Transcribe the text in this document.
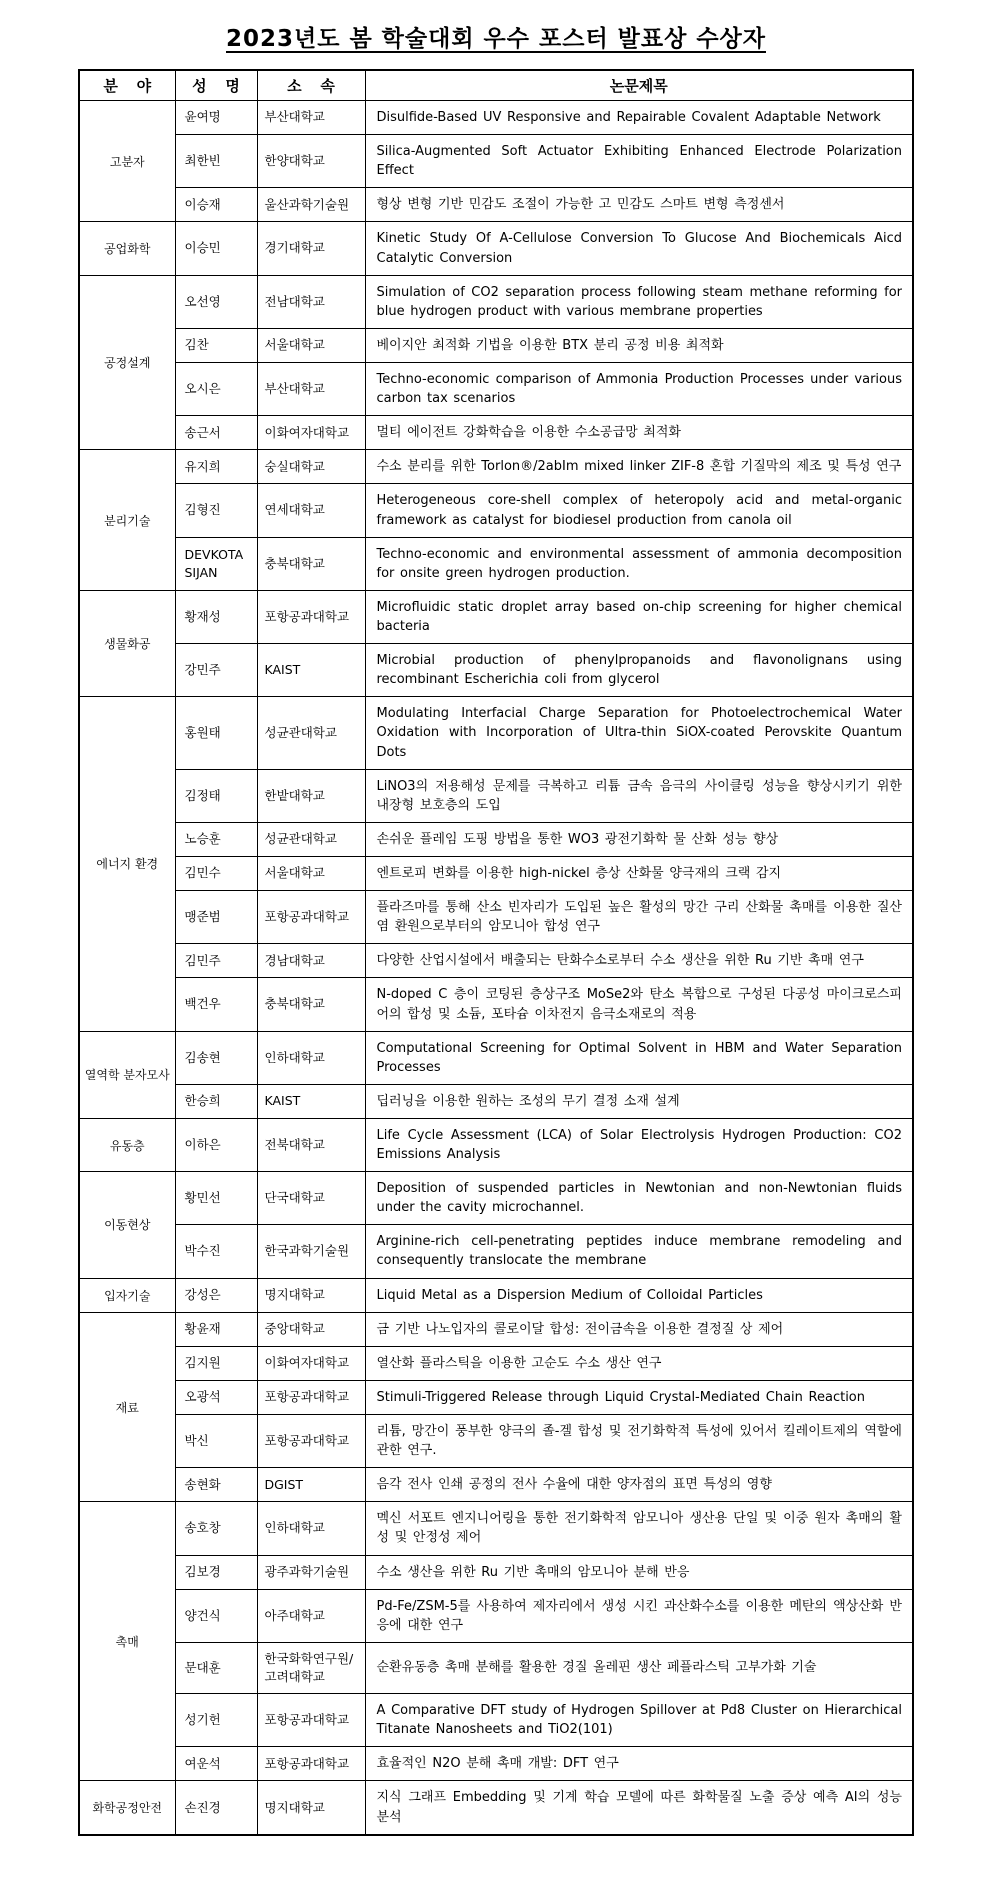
2023년도 봄 학술대회 우수 포스터 발표상 수상자
분 야	성 명	소 속	논문제목
고분자	윤여명	부산대학교	Disulfide-Based UV Responsive and Repairable Covalent Adaptable Network
	최한빈	한양대학교	Silica-Augmented Soft Actuator Exhibiting Enhanced Electrode Polarization Effect
	이승재	울산과학기술원	형상 변형 기반 민감도 조절이 가능한 고 민감도 스마트 변형 측정센서
공업화학	이승민	경기대학교	Kinetic Study Of A-Cellulose Conversion To Glucose And Biochemicals Aicd Catalytic Conversion
공정설계	오선영	전남대학교	Simulation of CO2 separation process following steam methane reforming for blue hydrogen product with various membrane properties
	김찬	서울대학교	베이지안 최적화 기법을 이용한 BTX 분리 공정 비용 최적화
	오시은	부산대학교	Techno-economic comparison of Ammonia Production Processes under various carbon tax scenarios
	송근서	이화여자대학교	멀티 에이전트 강화학습을 이용한 수소공급망 최적화
분리기술	유지희	숭실대학교	수소 분리를 위한 Torlon®/2abIm mixed linker ZIF-8 혼합 기질막의 제조 및 특성 연구
	김형진	연세대학교	Heterogeneous core-shell complex of heteropoly acid and metal-organic framework as catalyst for biodiesel production from canola oil
	DEVKOTA SIJAN	충북대학교	Techno-economic and environmental assessment of ammonia decomposition for onsite green hydrogen production.
생물화공	황재성	포항공과대학교	Microfluidic static droplet array based on-chip screening for higher chemical bacteria
	강민주	KAIST	Microbial production of phenylpropanoids and flavonolignans using recombinant Escherichia coli from glycerol
에너지 환경	홍원태	성균관대학교	Modulating Interfacial Charge Separation for Photoelectrochemical Water Oxidation with Incorporation of Ultra-thin SiOX-coated Perovskite Quantum Dots
	김정태	한밭대학교	LiNO3의 저용해성 문제를 극복하고 리튬 금속 음극의 사이클링 성능을 향상시키기 위한 내장형 보호층의 도입
	노승훈	성균관대학교	손쉬운 플레임 도핑 방법을 통한 WO3 광전기화학 물 산화 성능 향상
	김민수	서울대학교	엔트로피 변화를 이용한 high-nickel 층상 산화물 양극재의 크랙 감지
	맹준범	포항공과대학교	플라즈마를 통해 산소 빈자리가 도입된 높은 활성의 망간 구리 산화물 촉매를 이용한 질산염 환원으로부터의 암모니아 합성 연구
	김민주	경남대학교	다양한 산업시설에서 배출되는 탄화수소로부터 수소 생산을 위한 Ru 기반 촉매 연구
	백건우	충북대학교	N-doped C 층이 코팅된 층상구조 MoSe2와 탄소 복합으로 구성된 다공성 마이크로스피어의 합성 및 소듐, 포타슘 이차전지 음극소재로의 적용
열역학 분자모사	김송현	인하대학교	Computational Screening for Optimal Solvent in HBM and Water Separation Processes
	한승희	KAIST	딥러닝을 이용한 원하는 조성의 무기 결정 소재 설계
유동층	이하은	전북대학교	Life Cycle Assessment (LCA) of Solar Electrolysis Hydrogen Production: CO2 Emissions Analysis
이동현상	황민선	단국대학교	Deposition of suspended particles in Newtonian and non-Newtonian fluids under the cavity microchannel.
	박수진	한국과학기술원	Arginine-rich cell-penetrating peptides induce membrane remodeling and consequently translocate the membrane
입자기술	강성은	명지대학교	Liquid Metal as a Dispersion Medium of Colloidal Particles
재료	황윤재	중앙대학교	금 기반 나노입자의 콜로이달 합성: 전이금속을 이용한 결정질 상 제어
	김지원	이화여자대학교	열산화 플라스틱을 이용한 고순도 수소 생산 연구
	오광석	포항공과대학교	Stimuli-Triggered Release through Liquid Crystal-Mediated Chain Reaction
	박신	포항공과대학교	리튬, 망간이 풍부한 양극의 졸-겔 합성 및 전기화학적 특성에 있어서 킬레이트제의 역할에 관한 연구.
	송현화	DGIST	음각 전사 인쇄 공정의 전사 수율에 대한 양자점의 표면 특성의 영향
촉매	송호창	인하대학교	멕신 서포트 엔지니어링을 통한 전기화학적 암모니아 생산용 단일 및 이중 원자 촉매의 활성 및 안정성 제어
	김보경	광주과학기술원	수소 생산을 위한 Ru 기반 촉매의 암모니아 분해 반응
	양건식	아주대학교	Pd-Fe/ZSM-5를 사용하여 제자리에서 생성 시킨 과산화수소를 이용한 메탄의 액상산화 반응에 대한 연구
	문대훈	한국화학연구원/고려대학교	순환유동층 촉매 분해를 활용한 경질 올레핀 생산 페플라스틱 고부가화 기술
	성기헌	포항공과대학교	A Comparative DFT study of Hydrogen Spillover at Pd8 Cluster on Hierarchical Titanate Nanosheets and TiO2(101)
	여운석	포항공과대학교	효율적인 N2O 분해 촉매 개발: DFT 연구
화학공정안전	손진경	명지대학교	지식 그래프 Embedding 및 기계 학습 모델에 따른 화학물질 노출 증상 예측 AI의 성능 분석
